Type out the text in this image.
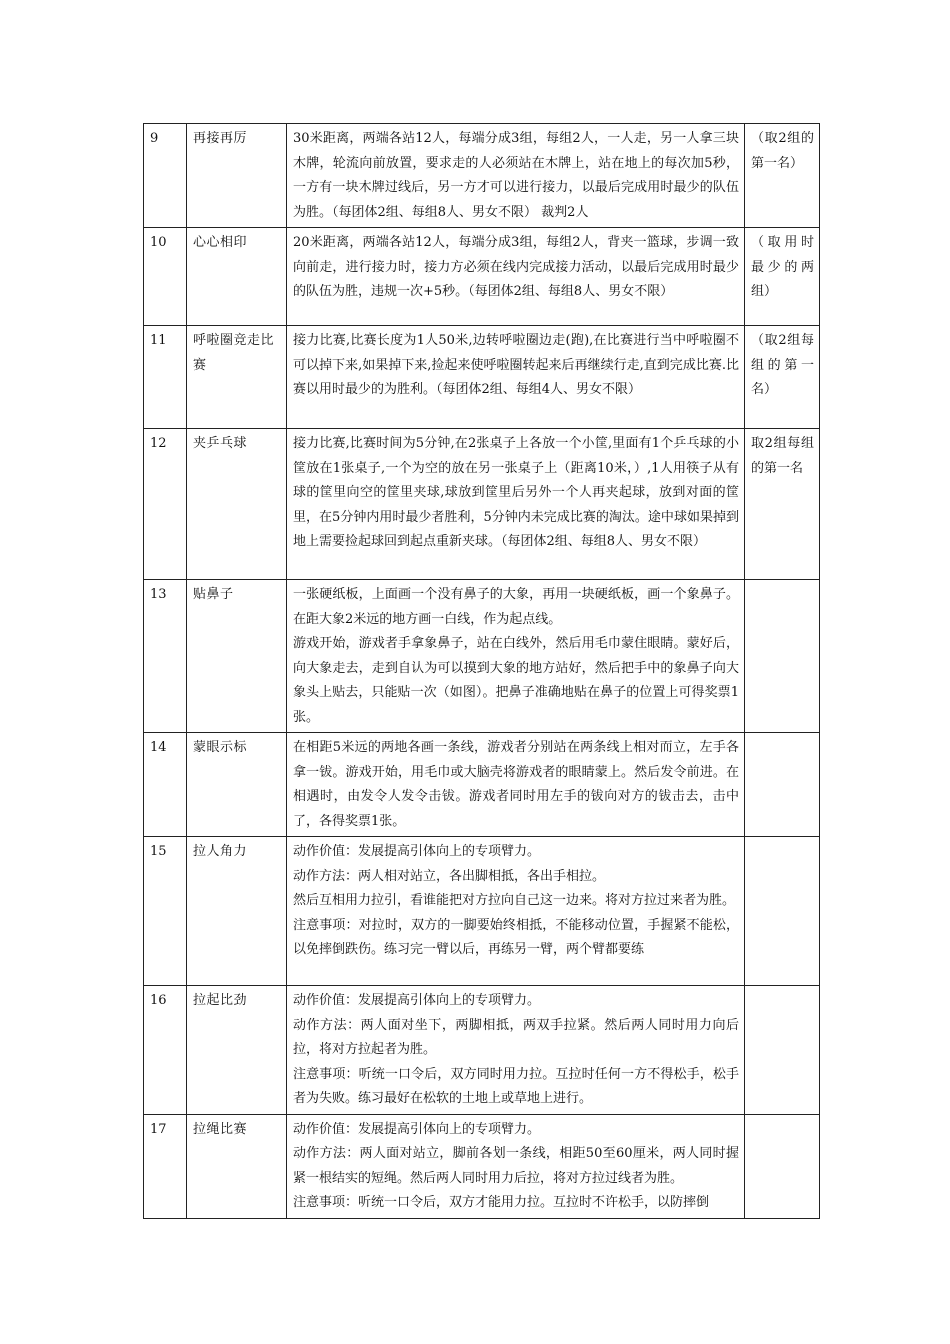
9	再接再厉	30米距离，两端各站12人，每端分成3组，每组2人，一人走，另一人拿三块木牌，轮流向前放置，要求走的人必须站在木牌上，站在地上的每次加5秒，一方有一块木牌过线后，另一方才可以进行接力，以最后完成用时最少的队伍为胜。（每团体2组、每组8人、男女不限） 裁判2人	（取2组的第一名）
10	心心相印	20米距离，两端各站12人，每端分成3组，每组2人，背夹一篮球，步调一致向前走，进行接力时，接力方必须在线内完成接力活动，以最后完成用时最少的队伍为胜，违规一次+5秒。（每团体2组、每组8人、男女不限）	（取用时最少的两组）
11	呼啦圈竞走比赛	接力比赛,比赛长度为1人50米,边转呼啦圈边走(跑),在比赛进行当中呼啦圈不可以掉下来,如果掉下来,捡起来使呼啦圈转起来后再继续行走,直到完成比赛.比赛以用时最少的为胜利。（每团体2组、每组4人、男女不限）	（取2组每组的第一名）
12	夹乒乓球	接力比赛,比赛时间为5分钟,在2张桌子上各放一个小筐,里面有1个乒乓球的小筐放在1张桌子,一个为空的放在另一张桌子上（距离10米，）,1人用筷子从有球的筐里向空的筐里夹球,球放到筐里后另外一个人再夹起球，放到对面的筐里，在5分钟内用时最少者胜利，5分钟内未完成比赛的淘汰。途中球如果掉到地上需要捡起球回到起点重新夹球。（每团体2组、每组8人、男女不限）	取2组每组的第一名
13	贴鼻子	一张硬纸板，上面画一个没有鼻子的大象，再用一块硬纸板，画一个象鼻子。在距大象2米远的地方画一白线，作为起点线。
游戏开始，游戏者手拿象鼻子，站在白线外，然后用毛巾蒙住眼睛。蒙好后，向大象走去，走到自认为可以摸到大象的地方站好，然后把手中的象鼻子向大象头上贴去，只能贴一次（如图）。把鼻子准确地贴在鼻子的位置上可得奖票1张。	

14	蒙眼示标	在相距5米远的两地各画一条线，游戏者分别站在两条线上相对而立，左手各拿一钹。游戏开始，用毛巾或大脑壳将游戏者的眼睛蒙上。然后发令前进。在相遇时，由发令人发令击钹。游戏者同时用左手的钹向对方的钹击去，击中了，各得奖票1张。	

15	拉人角力	动作价值：发展提高引体向上的专项臂力。
动作方法：两人相对站立，各出脚相抵，各出手相拉。
然后互相用力拉引，看谁能把对方拉向自己这一边来。将对方拉过来者为胜。
注意事项：对拉时，双方的一脚要始终相抵，不能移动位置，手握紧不能松，以免摔倒跌伤。练习完一臂以后，再练另一臂，两个臂都要练	

16	拉起比劲	动作价值：发展提高引体向上的专项臂力。
动作方法：两人面对坐下，两脚相抵，两双手拉紧。然后两人同时用力向后拉，将对方拉起者为胜。
注意事项：听统一口令后，双方同时用力拉。互拉时任何一方不得松手，松手者为失败。练习最好在松软的土地上或草地上进行。	

17	拉绳比赛	动作价值：发展提高引体向上的专项臂力。
动作方法：两人面对站立，脚前各划一条线，相距50至60厘米，两人同时握紧一根结实的短绳。然后两人同时用力后拉，将对方拉过线者为胜。
注意事项：听统一口令后，双方才能用力拉。互拉时不许松手，以防摔倒	
